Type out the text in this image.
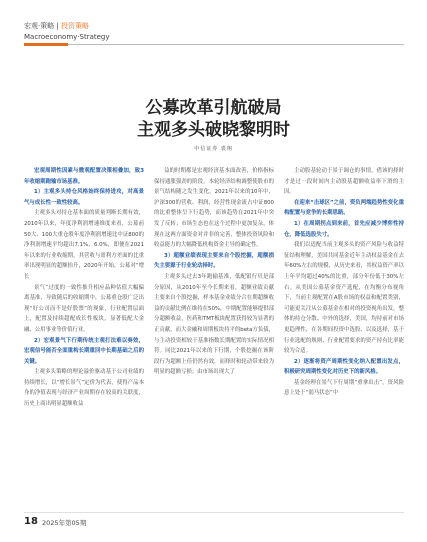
宏观·策略 | 投资策略
Macroeconomy·Strategy
公募改革引航破局
主观多头破晓黎明时
中信证券 裘翔

宏观周期性因素与微观配置决策相叠加，致3年收缩期跑输市场基准。

1）主观多头持仓风格始终保持进攻，对高景气与成长性一致性较高。

主观多头对持仓基本面的质量判断长期有效，2010年以来，年度净利润增速维度来看，公募前50大、100大重仓股年度净利润增速比中证800的净利润增速平均超出7.1%、6.0%，即便在2021年以来的行业收缩期，其营收与盈利方差面的比重率出现明显的超额抬升，2020年开始，公募对“增长

景气”过度的一致性推升相应品种估值大幅偏离基准，导致随后的收缩期中，公募重仓股广泛出现“好公司而不是好股票”的现象，行业配置层面上，配置及持续超配成长性板块，显著低配大金融、公用事业等价值行业。

2）宏观景气下行期传统主观打法难以奏效，宏观信号能否全面重构长期重回中长期基础之后的关键。

主观多头策略的理论溢价驱动基于公司业绩的持续增长，以“增长景气”定价为代表，使得产品本身的净值表现与经济产业周期存在较高的关联度，历史上商出明显超额收益

益的时期都是宏观经济基本面改善，价格指标保持通胀强劲的阶段。本轮经济结构调整使股市的景气结构随之发生变化，2021年以来的10年中，沪深300的营收、利润、经营性现金流占中证800的比重整体呈下行趋势，而该趋势在2021年中突发了反转；市场生态也在这个过程中更加复杂，体现在这两方面资金对并非的完善，整体投资风险和收益能力的大幅降低机构资金主导的确定性。

3）超额业绩表现主要来自个股挖掘，超额损失主要源于行业轮动择时。

主观多头过去3年跑输基准，低配银行贝是部分原因，从2010年至今长期来看，超额业绩贡献主要来自个股挖掘，样本基金业绩分合在期超额收益的贡献比例在维持在50%，中期配置能够提供部分超额收益，医药和TMT板块配置获得较为显著的正贡献，而大金融和周期板块持平的beta方负债，与主动投资相较于基准指数长期配置的实际情况相符。同比2021年以来的下行期，个股挖掘在该阶段行为超额上佳仍然有效，而择时和轮动带来较为明显的超额亏损；由市场出现大了

主动股基轮动于景于调仓的事情，借该的择时才是过一段时间内主动股基超额收益率下滑的主因。

在迎来“击球区”之前，资负两端趋势性变化重构配置与竞争的长期思路。

1）在周期拐点到来前，首先应减少博弈性持仓，降低选股失寸。

我们以适配当前主观多头的资产风险与收益特征结构理解，美国共同基金近年主动权益基金在去年60%左右的规模，从历史来看，其权益资产率以上年平均超过40%的比重，部分年份低于30%左右。从美国公募基金资产选配，在均衡分布视角下，当前主观配置在A股市场的权益和配置类别，可能更关注从公募基金在相对的投资视角出发，整体的持仓分散、中外的选择，美国，均持前对市场更趋理性，在各期间投资中选股、以及选择，基于行业选配的规则、行业配置要求的资产持有比率能较为合适。

2）逐渐将资产周期性变化纳入配置出发点，积极研究周期性变化对历史下的新风格。

基金经理在景气下行周期“重拿出击”，资风险意上处于“弱马状态”中

18 2025年第05期
